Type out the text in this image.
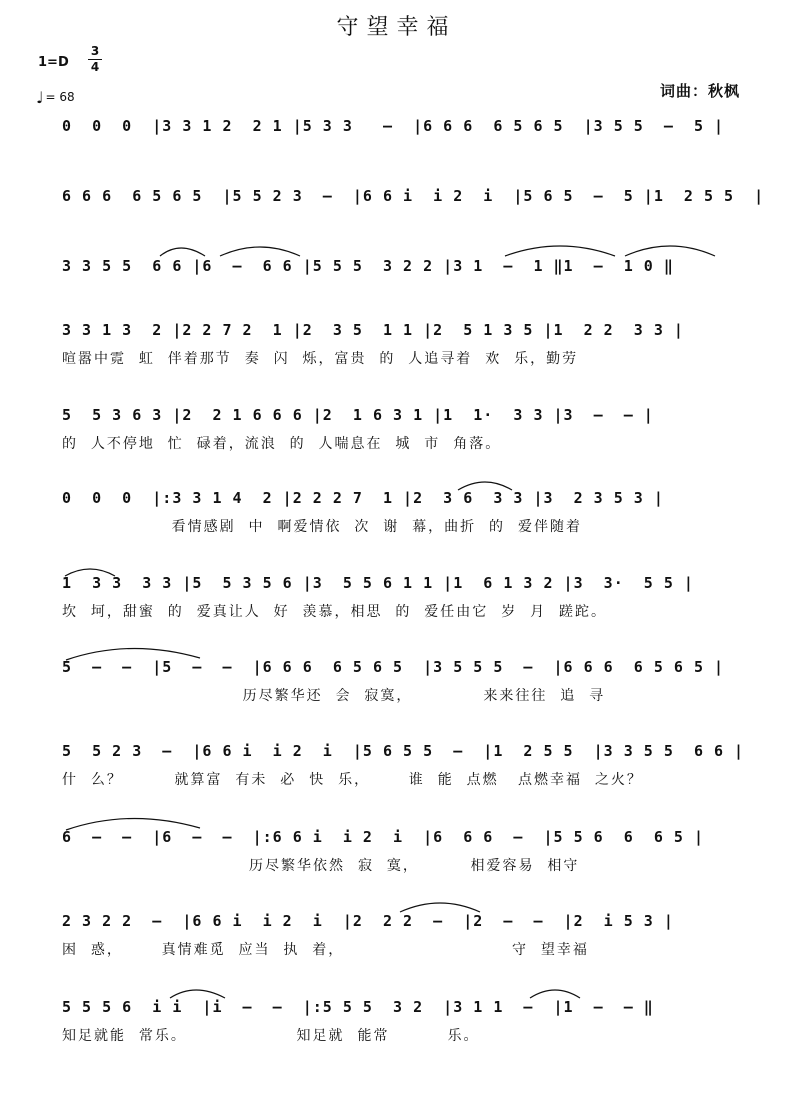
守望幸福
1=D
3
4
♩ = 68	词曲：秋枫
0  0  0  |3 3 1 2  2 1 |5 3 3   –  |6 6 6  6 5 6 5  |3 5 5  –  5 |
6 6 6  6 5 6 5  |5 5 2 3  –  |6 6 i  i 2  i  |5 6 5  –  5 |1  2 5 5  |
3 3 5 5  6 6 |6  –  6 6 |5 5 5  3 2 2 |3 1  –  1 ‖1  –  1 0 ‖
3 3 1 3  2 |2 2 7 2  1 |2  3 5  1 1 |2  5 1 3 5 |1  2 2  3 3 |
喧嚣中霓  虹  伴着那节  奏  闪  烁，富贵  的  人追寻着  欢  乐，勤劳
5  5 3 6 3 |2  2 1 6 6 6 |2  1 6 3 1 |1  1·  3 3 |3  –  – |
的  人不停地  忙  碌着，流浪  的  人喘息在  城  市  角落。
0  0  0  |:3 3 1 4  2 |2 2 2 7  1 |2  3 6  3 3 |3  2 3 5 3 |
看情感剧  中  啊爱情依  次  谢  幕，曲折  的  爱伴随着
1  3 3  3 3 |5  5 3 5 6 |3  5 5 6 1 1 |1  6 1 3 2 |3  3·  5 5 |
坎  坷，甜蜜  的  爱真让人  好  羡慕，相思  的  爱任由它  岁  月  蹉跎。
5  –  –  |5  –  –  |6 6 6  6 5 6 5  |3 5 5 5  –  |6 6 6  6 5 6 5 |
历尽繁华还  会  寂寞，           来来往往  追  寻
5  5 2 3  –  |6 6 i  i 2  i  |5 6 5 5  –  |1  2 5 5  |3 3 5 5  6 6 |
什  么？        就算富  有未  必  快  乐，      谁  能  点燃   点燃幸福  之火？
6  –  –  |6  –  –  |:6 6 i  i 2  i  |6  6 6  –  |5 5 6  6  6 5 |
历尽繁华依然  寂  寞，        相爱容易  相守
2 3 2 2  –  |6 6 i  i 2  i  |2  2 2  –  |2  –  –  |2  i 5 3 |
困  惑，      真情难觅  应当  执  着，                          守  望幸福
5 5 5 6  i i  |i  –  –  |:5 5 5  3 2  |3 1 1  –  |1  –  – ‖
知足就能  常乐。                 知足就  能常         乐。
